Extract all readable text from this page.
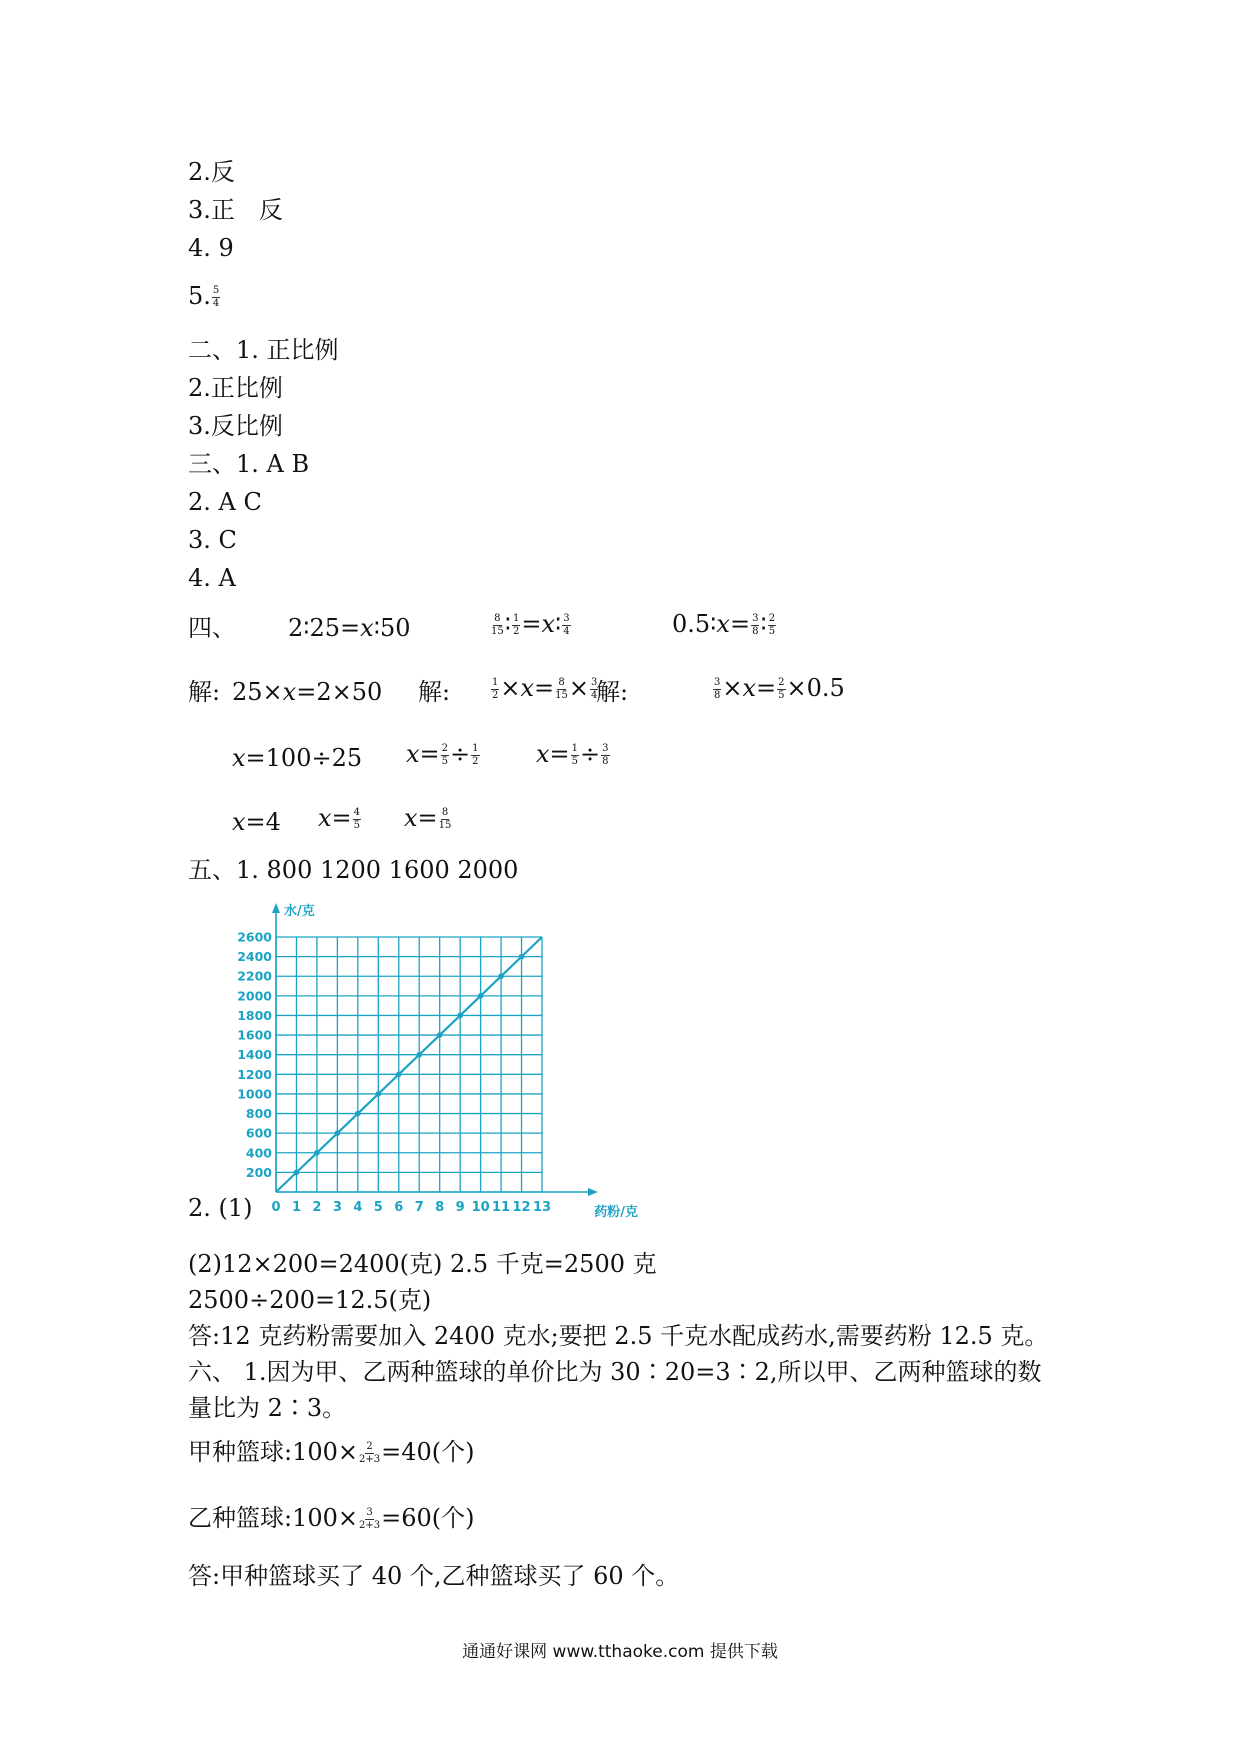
2.反
3.正　反
4. 9
5. $\frac{5}{4}$
二、1. 正比例
2.正比例
3.反比例
三、1. A B
2. A C
3. C
4. A
四、 2∶25=x∶50	$\frac{8}{15}$ ∶ $\frac{1}{2}$ =x∶ $\frac{3}{4}$	0.5∶x= $\frac{3}{8}$ ∶ $\frac{2}{5}$
解: 25×x=2×50 解:	$\frac{1}{2} \times x= \frac{8}{15} \times \frac{3}{4}$
解:	$\frac{3}{8} \times x= \frac{2}{5} \times 0.5$
x=100÷25 $x= \frac{2}{5} \div \frac{1}{2} x= \frac{1}{5} \div \frac{3}{8}$
x=4 $x= \frac{4}{5} x= \frac{8}{15}$
五、1. 800 1200 1600 2000
0 1 2 3 4 5 6 7 8 9 10 11 12 13
200
400
600
800
1000
1200
1400
1600
1800
2000
2200
2400
2600
水/克
药粉/克
2. (1)
(2)12×200=2400(克) 2.5 千克=2500 克
2500÷200=12.5(克)
答:12 克药粉需要加入 2400 克水;要把 2.5 千克水配成药水,需要药粉 12.5 克。
六、 1.因为甲、乙两种篮球的单价比为 30∶20=3∶2,所以甲、乙两种篮球的数
量比为 2∶3。
甲种篮球:100× $\frac{2}{2+3} =40$(个)
乙种篮球:100× $\frac{3}{2+3} =60$(个)
答:甲种篮球买了 40 个,乙种篮球买了 60 个。
通通好课网 www.tthaoke.com 提供下载
